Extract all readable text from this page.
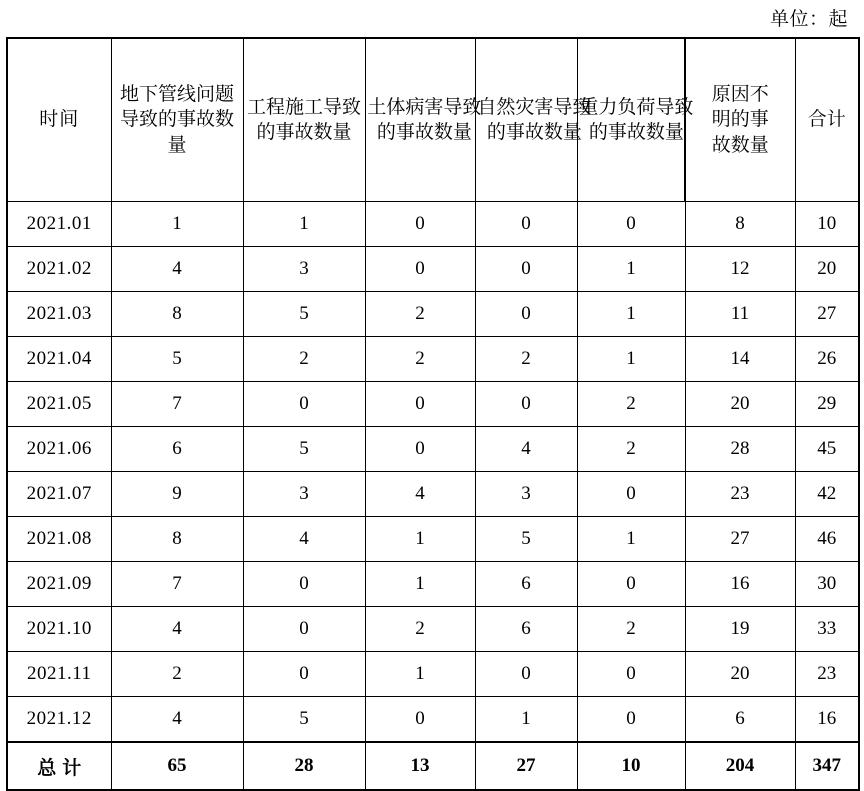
单位：起
时间	地下管线问题导致的事故数量	工程施工导致的事故数量	土体病害导致的事故数量	自然灾害导致的事故数量	重力负荷导致的事故数量	原因不明的事故数量	合计

2021.01	1	1	0	0	0	8	10
2021.02	4	3	0	0	1	12	20
2021.03	8	5	2	0	1	11	27
2021.04	5	2	2	2	1	14	26
2021.05	7	0	0	0	2	20	29
2021.06	6	5	0	4	2	28	45
2021.07	9	3	4	3	0	23	42
2021.08	8	4	1	5	1	27	46
2021.09	7	0	1	6	0	16	30
2021.10	4	0	2	6	2	19	33
2021.11	2	0	1	0	0	20	23
2021.12	4	5	0	1	0	6	16
总计	65	28	13	27	10	204	347
